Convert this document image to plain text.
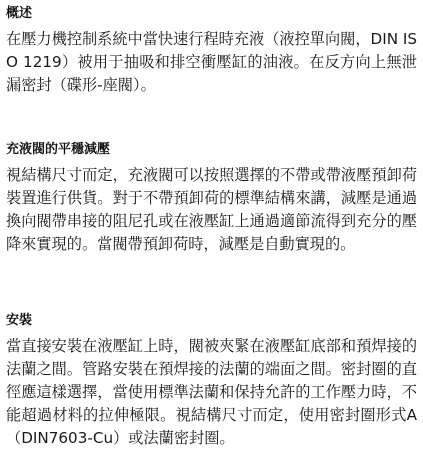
概述

在壓力機控制系統中當快速行程時充液（液控單向閥，DIN ISO 1219）被用于抽吸和排空衝壓缸的油液。在反方向上無泄漏密封（碟形-座閥）。

充液閥的平穩減壓

視結構尺寸而定，充液閥可以按照選擇的不帶或帶液壓預卸荷裝置進行供貨。對于不帶預卸荷的標準結構來講，減壓是通過換向閥帶串接的阻尼孔或在液壓缸上通過適節流得到充分的壓降來實現的。當閥帶預卸荷時，減壓是自動實現的。

安裝

當直接安裝在液壓缸上時，閥被夾緊在液壓缸底部和預焊接的法蘭之間。管路安裝在預焊接的法蘭的端面之間。密封圈的直徑應這樣選擇，當使用標準法蘭和保持允許的工作壓力時，不能超過材料的拉伸極限。視結構尺寸而定，使用密封圈形式A（DIN7603-Cu）或法蘭密封圈。
